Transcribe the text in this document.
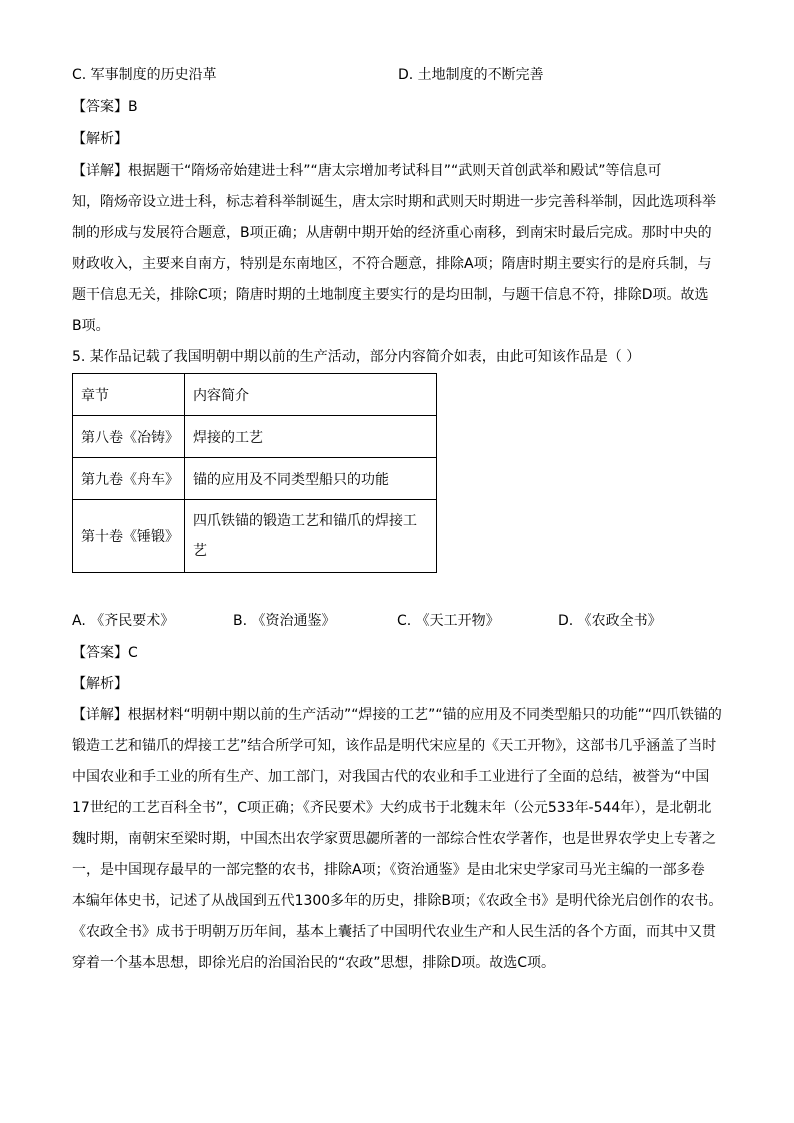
C. 军事制度的历史沿革	D. 土地制度的不断完善
【答案】B
【解析】
【详解】根据题干“隋炀帝始建进士科”“唐太宗增加考试科目”“武则天首创武举和殿试”等信息可
知，隋炀帝设立进士科，标志着科举制诞生，唐太宗时期和武则天时期进一步完善科举制，因此选项科举
制的形成与发展符合题意，B项正确；从唐朝中期开始的经济重心南移，到南宋时最后完成。那时中央的
财政收入，主要来自南方，特别是东南地区，不符合题意，排除A项；隋唐时期主要实行的是府兵制，与
题干信息无关，排除C项；隋唐时期的土地制度主要实行的是均田制，与题干信息不符，排除D项。故选
B项。
5. 某作品记载了我国明朝中期以前的生产活动，部分内容简介如表，由此可知该作品是（ ）
章节	内容简介
第八卷《冶铸》	焊接的工艺
第九卷《舟车》	锚的应用及不同类型船只的功能
第十卷《锤锻》	四爪铁锚的锻造工艺和锚爪的焊接工
艺
A. 《齐民要术》	B. 《资治通鉴》	C. 《天工开物》	D. 《农政全书》
【答案】C
【解析】
【详解】根据材料“明朝中期以前的生产活动”“焊接的工艺”“锚的应用及不同类型船只的功能”“四爪铁锚的
锻造工艺和锚爪的焊接工艺”结合所学可知，该作品是明代宋应星的《天工开物》，这部书几乎涵盖了当时
中国农业和手工业的所有生产、加工部门，对我国古代的农业和手工业进行了全面的总结，被誉为“中国
17世纪的工艺百科全书”，C项正确；《齐民要术》大约成书于北魏末年（公元533年-544年），是北朝北
魏时期，南朝宋至梁时期，中国杰出农学家贾思勰所著的一部综合性农学著作，也是世界农学史上专著之
一，是中国现存最早的一部完整的农书，排除A项；《资治通鉴》是由北宋史学家司马光主编的一部多卷
本编年体史书，记述了从战国到五代1300多年的历史，排除B项；《农政全书》是明代徐光启创作的农书。
《农政全书》成书于明朝万历年间，基本上囊括了中国明代农业生产和人民生活的各个方面，而其中又贯
穿着一个基本思想，即徐光启的治国治民的“农政”思想，排除D项。故选C项。
